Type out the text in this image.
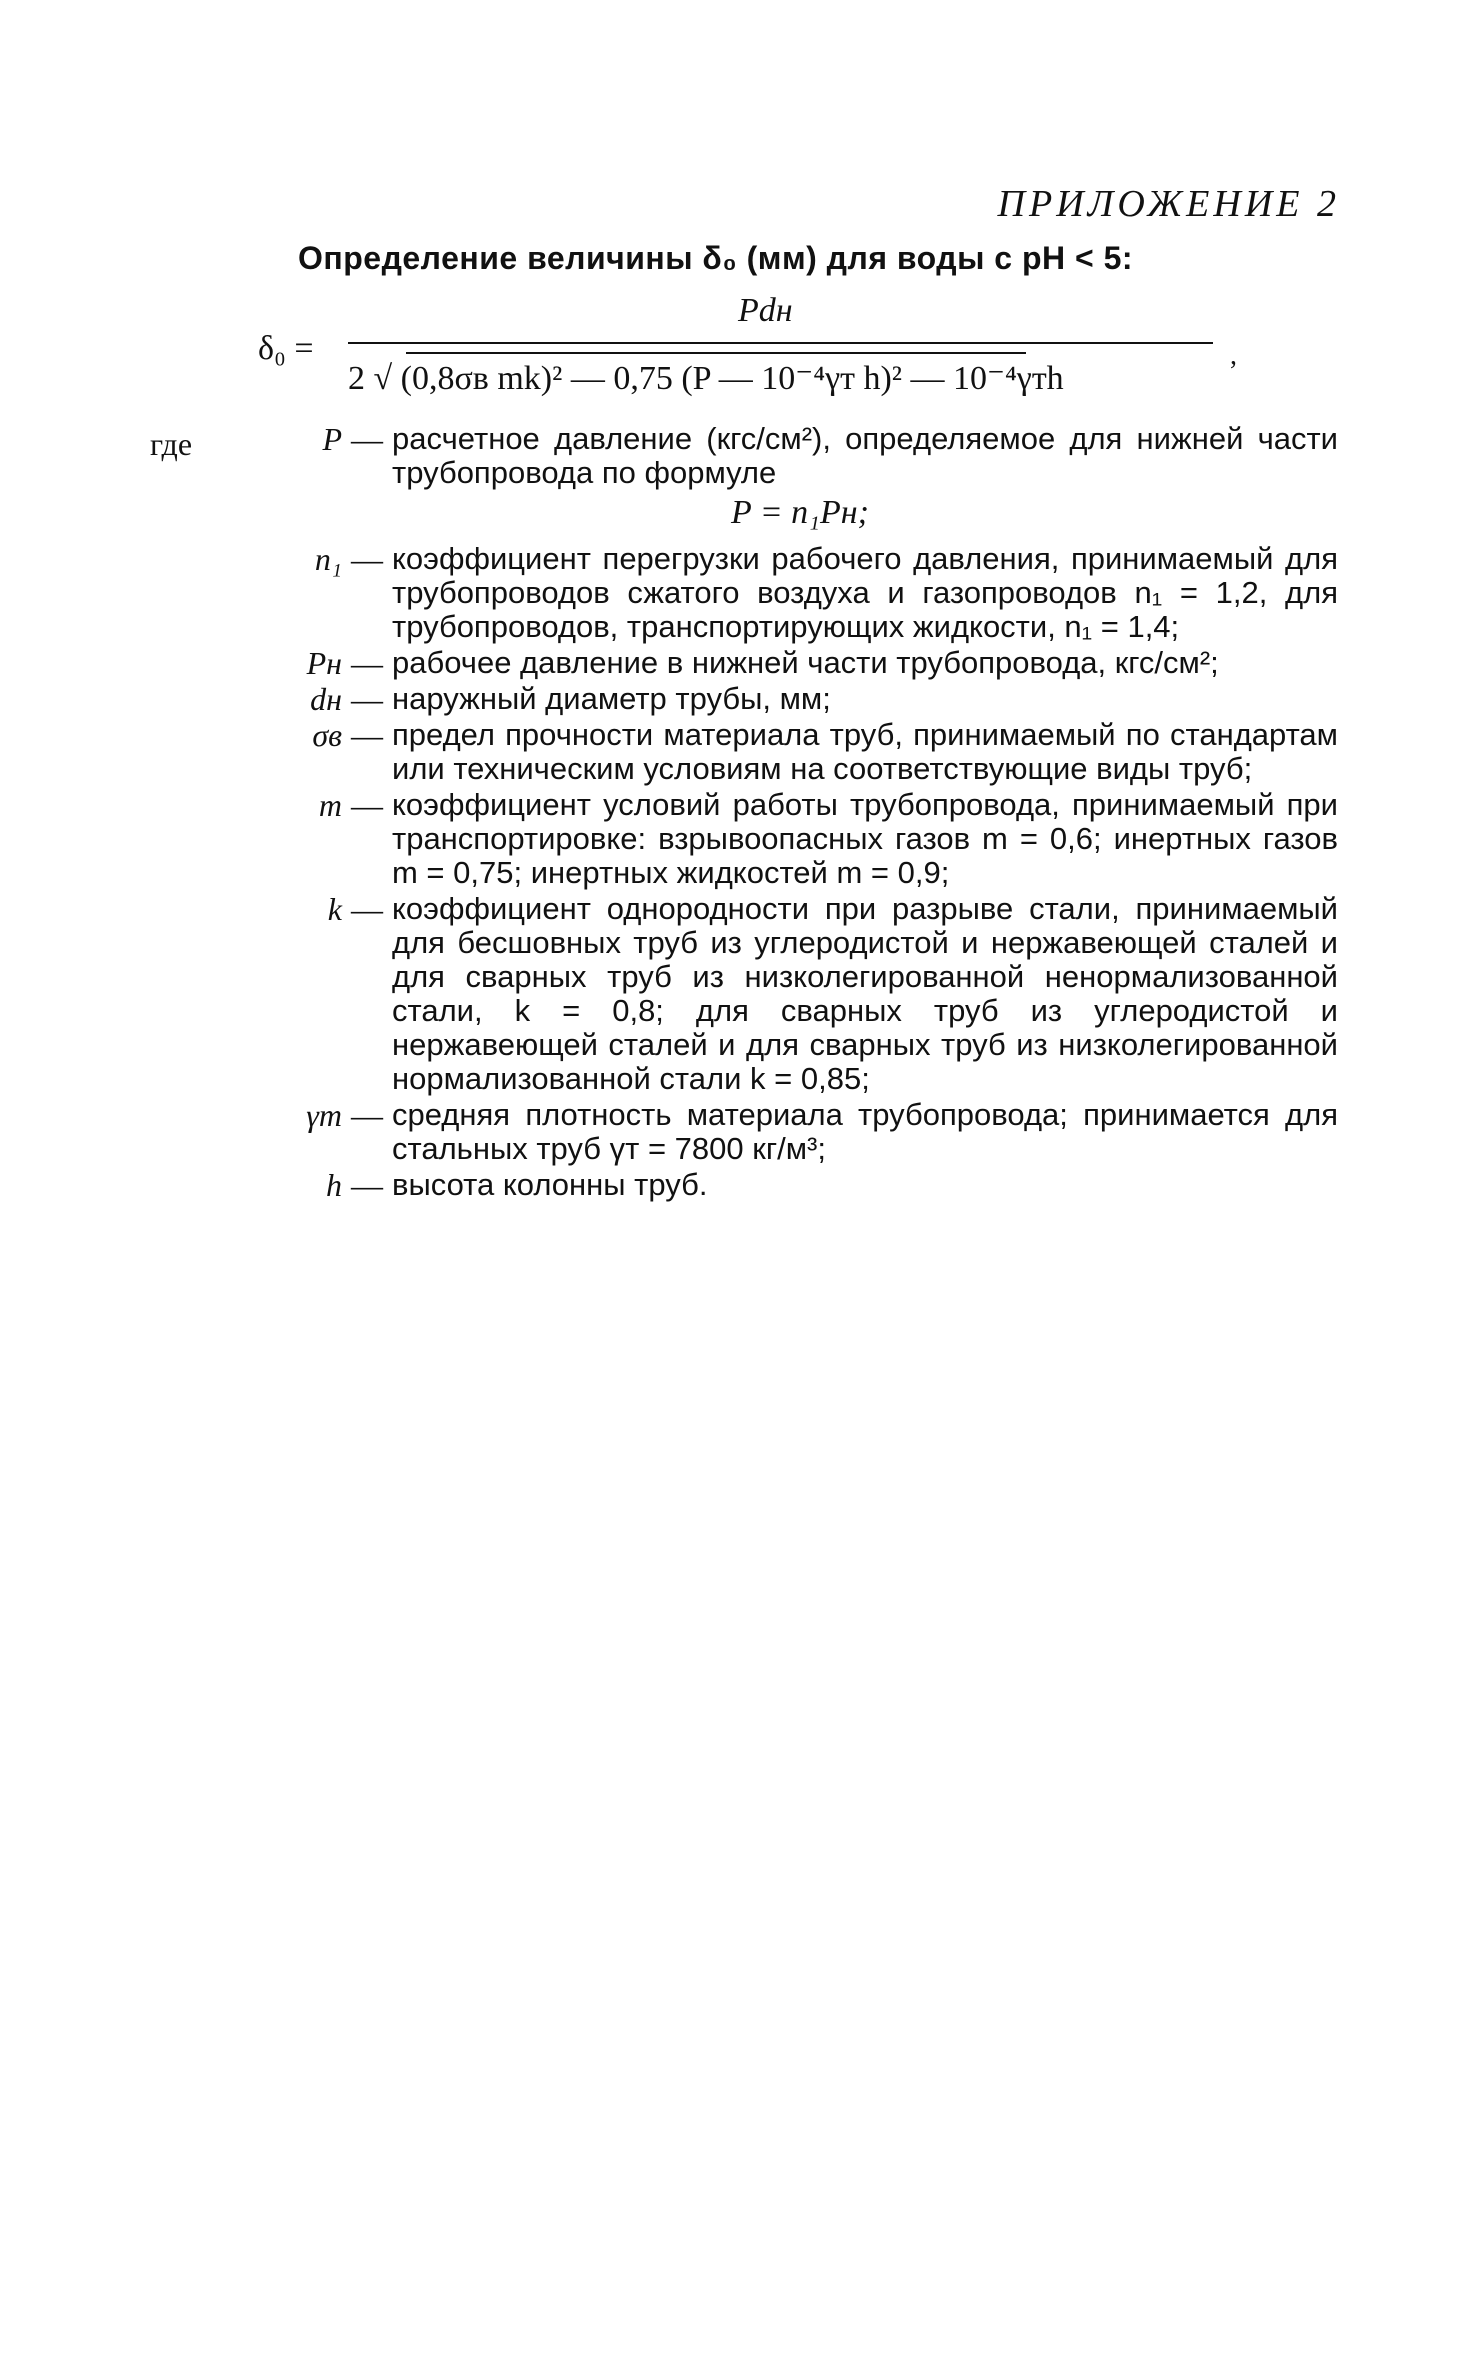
ПРИЛОЖЕНИЕ 2
Определение величины δ₀ (мм) для воды с pH < 5:
δ₀ =
Pdн
2 √ (0,8σв mk)² — 0,75 (P — 10⁻⁴γт h)² — 10⁻⁴γтh
,
где	P — расчетное давление (кгс/см²), определяемое для нижней части трубопровода по формуле
P = n₁Pн;
n₁ — коэффициент перегрузки рабочего давления, принимаемый для трубопроводов сжатого воздуха и газопроводов n₁ = 1,2, для трубопроводов, транспортирующих жидкости, n₁ = 1,4;
Pн — рабочее давление в нижней части трубопровода, кгс/см²;
dн — наружный диаметр трубы, мм;
σв — предел прочности материала труб, принимаемый по стандартам или техническим условиям на соответствующие виды труб;
m — коэффициент условий работы трубопровода, принимаемый при транспортировке: взрывоопасных газов m = 0,6; инертных газов m = 0,75; инертных жидкостей m = 0,9;
k — коэффициент однородности при разрыве стали, принимаемый для бесшовных труб из углеродистой и нержавеющей сталей и для сварных труб из низколегированной ненормализованной стали, k = 0,8; для сварных труб из углеродистой и нержавеющей сталей и для сварных труб из низколегированной нормализованной стали k = 0,85;
γт — средняя плотность материала трубопровода; принимается для стальных труб γт = 7800 кг/м³;
h — высота колонны труб.
